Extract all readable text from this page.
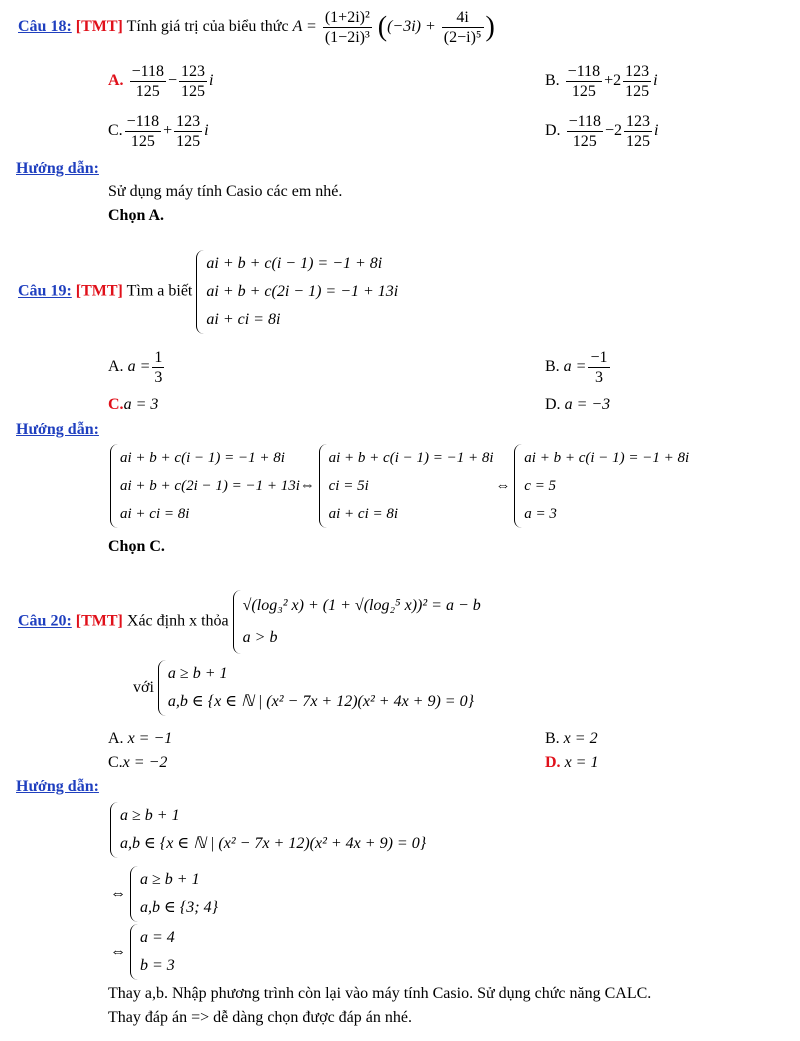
Câu 18: [TMT] Tính giá trị của biểu thức $A = \frac{\text{(1+2i)²}}{\text{(1−2i)³}} ((-3i) + \frac{4i}{\text{(2−i)⁵}}$ )
A. $\frac{-118}{125} - \frac{123}{125}$ i	B. $\frac{-118}{125} +2 \frac{123}{125}$ i
C. $\frac{-118}{125} + \frac{123}{125}$ i	D. $\frac{-118}{125} -2 \frac{123}{125}$ i
Hướng dẫn:
Sử dụng máy tính Casio các em nhé.
Chọn A.
Câu 19: [TMT] Tìm a biết
ai + b + c(i − 1) = −1 + 8i
ai + b + c(2i − 1) = −1 + 13i
ai + ci = 8i
A. $a = \frac{1}{3}$	B. $a = \frac{-1}{3}$
C.a = 3	D. a = −3
Hướng dẫn:
ai + b + c(i − 1) = −1 + 8i
ai + b + c(2i − 1) = −1 + 13i
ai + ci = 8i
⇔
ai + b + c(i − 1) = −1 + 8i
ci = 5i
ai + ci = 8i
⇔
ai + b + c(i − 1) = −1 + 8i
c = 5
a = 3
Chọn C.
Câu 20: [TMT] Xác định x thỏa
√(log₃² x) + (1 + √(log₂⁵ x))² = a − b
a > b
với
a ≥ b + 1
a,b ∈ {x ∈ ℕ | (x² − 7x + 12)(x² + 4x + 9) = 0}
A. x = −1	B. x = 2
C.x = −2	D. x = 1
Hướng dẫn:
a ≥ b + 1
a,b ∈ {x ∈ ℕ | (x² − 7x + 12)(x² + 4x + 9) = 0}
⇔
a ≥ b + 1
a,b ∈ {3; 4}
⇔
a = 4
b = 3
Thay a,b. Nhập phương trình còn lại vào máy tính Casio. Sử dụng chức năng CALC.
Thay đáp án => dễ dàng chọn được đáp án nhé.
